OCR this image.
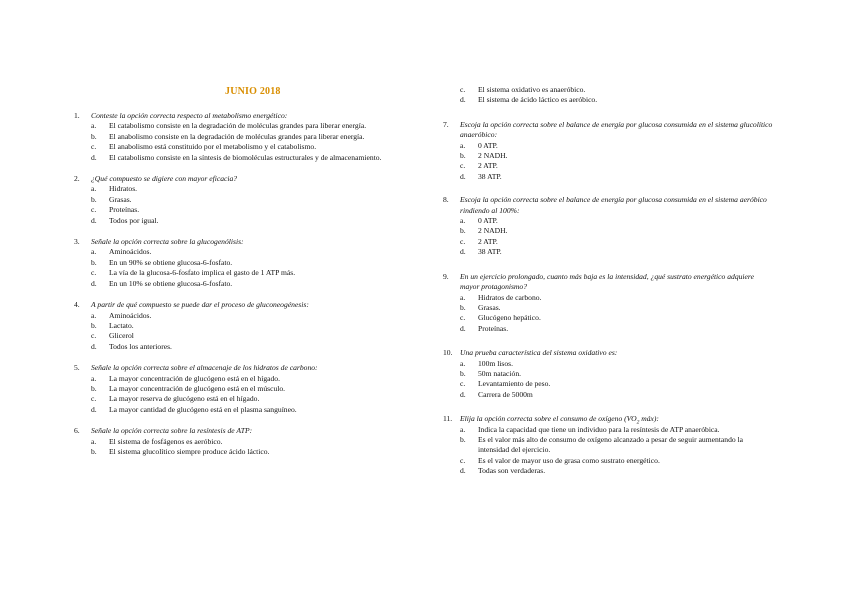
JUNIO 2018
1.	Conteste la opción correcta respecto al metabolismo energético:
a.	El catabolismo consiste en la degradación de moléculas grandes para liberar energía.
b.	El anabolismo consiste en la degradación de moléculas grandes para liberar energía.
c.	El anabolismo está constituido por el metabolismo y el catabolismo.
d.	El catabolismo consiste en la síntesis de biomoléculas estructurales y de almacenamiento.
2.	¿Qué compuesto se digiere con mayor eficacia?
a.	Hidratos.
b.	Grasas.
c.	Proteínas.
d.	Todos por igual.
3.	Señale la opción correcta sobre la glucogenólisis:
a.	Aminoácidos.
b.	En un 90% se obtiene glucosa-6-fosfato.
c.	La vía de la glucosa-6-fosfato implica el gasto de 1 ATP más.
d.	En un 10% se obtiene glucosa-6-fosfato.
4.	A partir de qué compuesto se puede dar el proceso de gluconeogénesis:
a.	Aminoácidos.
b.	Lactato.
c.	Glicerol
d.	Todos los anteriores.
5.	Señale la opción correcta sobre el almacenaje de los hidratos de carbono:
a.	La mayor concentración de glucógeno está en el hígado.
b.	La mayor concentración de glucógeno está en el músculo.
c.	La mayor reserva de glucógeno está en el hígado.
d.	La mayor cantidad de glucógeno está en el plasma sanguíneo.
6.	Señale la opción correcta sobre la resíntesis de ATP:
a.	El sistema de fosfágenos es aeróbico.
b.	El sistema glucolítico siempre produce ácido láctico.
c.	El sistema oxidativo es anaeróbico.
d.	El sistema de ácido láctico es aeróbico.
7.	Escoja la opción correcta sobre el balance de energía por glucosa consumida en el sistema glucolítico anaeróbico:
a.	0 ATP.
b.	2 NADH.
c.	2 ATP.
d.	38 ATP.
8.	Escoja la opción correcta sobre el balance de energía por glucosa consumida en el sistema aeróbico rindiendo al 100%:
a.	0 ATP.
b.	2 NADH.
c.	2 ATP.
d.	38 ATP.
9.	En un ejercicio prolongado, cuanto más baja es la intensidad, ¿qué sustrato energético adquiere mayor protagonismo?
a.	Hidratos de carbono.
b.	Grasas.
c.	Glucógeno hepático.
d.	Proteínas.
10. Una prueba característica del sistema oxidativo es:
a.	100m lisos.
b.	50m natación.
c.	Levantamiento de peso.
d.	Carrera de 5000m
11.	Elija la opción correcta sobre el consumo de oxígeno ($VO_2$ máx):
a.	Indica la capacidad que tiene un individuo para la resíntesis de ATP anaeróbica.
b.	Es el valor más alto de consumo de oxígeno alcanzado a pesar de seguir aumentando la intensidad del ejercicio.
c.	Es el valor de mayor uso de grasa como sustrato energético.
d.	Todas son verdaderas.
